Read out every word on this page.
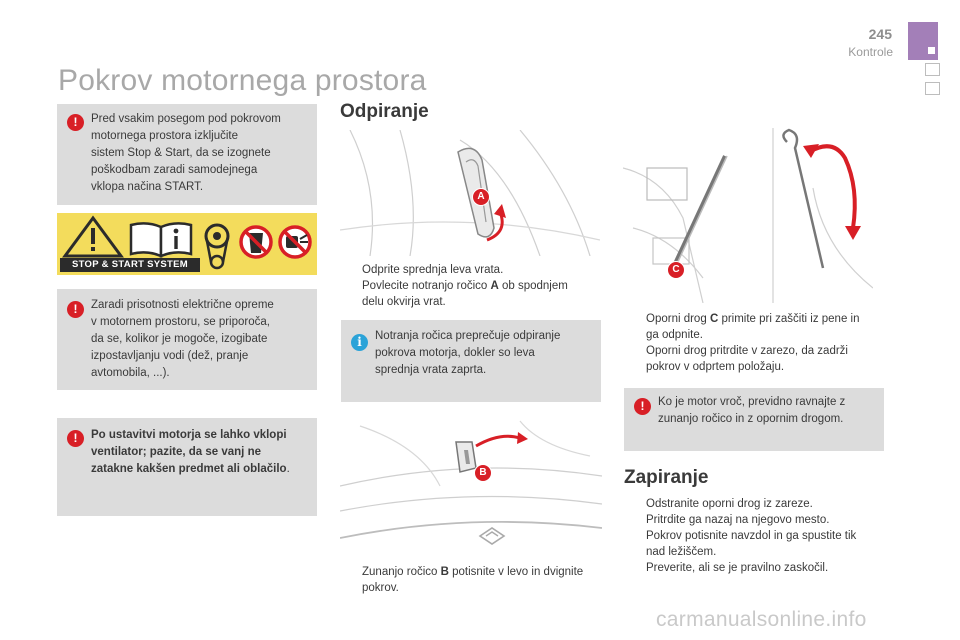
245
Kontrole
Pokrov motornega prostora
!	Pred vsakim posegom pod pokrovom
motornega prostora izključite
sistem Stop & Start, da se izognete
poškodbam zaradi samodejnega
vklopa načina START.
STOP & START SYSTEM
!	Zaradi prisotnosti električne opreme
v motornem prostoru, se priporoča,
da se, kolikor je mogoče, izogibate
izpostavljanju vodi (dež, pranje
avtomobila, ...).
!	Po ustavitvi motorja se lahko vklopi
ventilator; pazite, da se vanj ne
zatakne kakšen predmet ali oblačilo.
Odpiranje
A
Odprite sprednja leva vrata.
Povlecite notranjo ročico A ob spodnjem
delu okvirja vrat.
i	Notranja ročica preprečuje odpiranje
pokrova motorja, dokler so leva
sprednja vrata zaprta.
B
Zunanjo ročico B potisnite v levo in dvignite
pokrov.
C
Oporni drog C primite pri zaščiti iz pene in
ga odpnite.
Oporni drog pritrdite v zarezo, da zadrži
pokrov v odprtem položaju.
!	Ko je motor vroč, previdno ravnajte z
zunanjo ročico in z opornim drogom.
Zapiranje
Odstranite oporni drog iz zareze.
Pritrdite ga nazaj na njegovo mesto.
Pokrov potisnite navzdol in ga spustite tik
nad ležiščem.
Preverite, ali se je pravilno zaskočil.
carmanualsonline.info
